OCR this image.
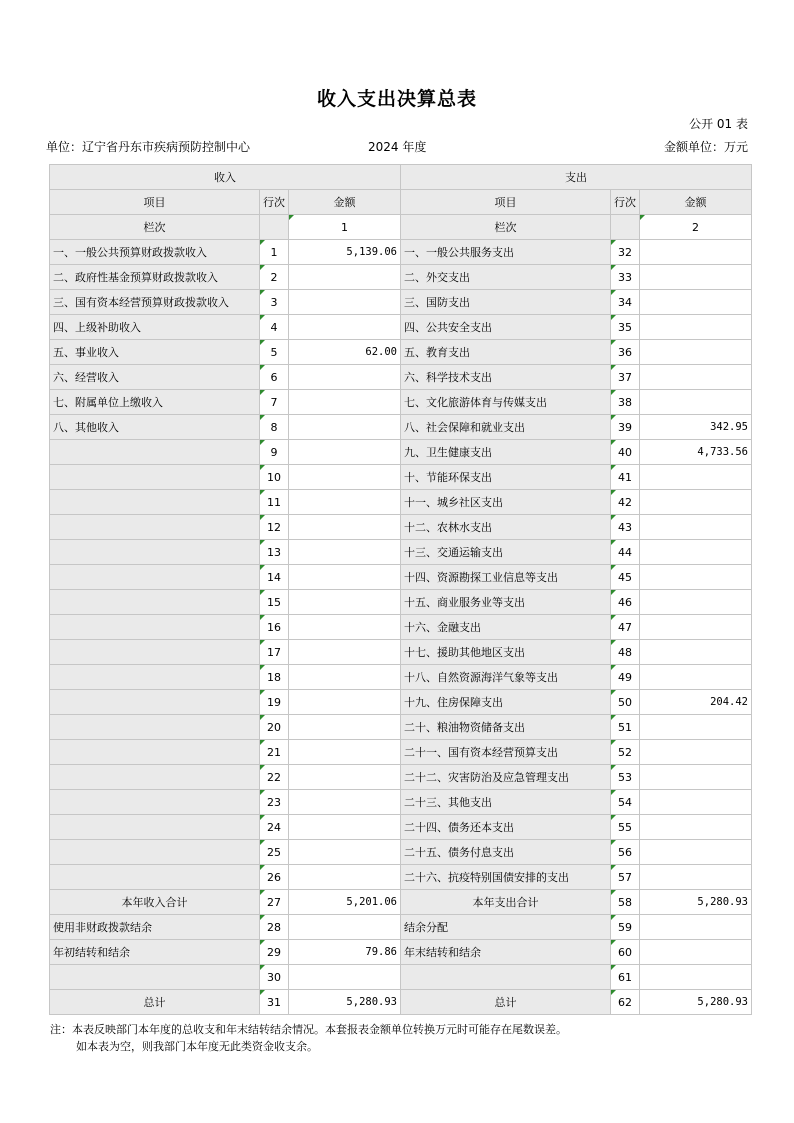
收入支出决算总表
公开 01 表
单位：辽宁省丹东市疾病预防控制中心	2024 年度	金额单位：万元
收入			支出		
项目	行次	金额	项目	行次	金额
栏次		1	栏次		2
一、一般公共预算财政拨款收入	1	5,139.06	一、一般公共服务支出	32	
二、政府性基金预算财政拨款收入	2		二、外交支出	33	
三、国有资本经营预算财政拨款收入	3		三、国防支出	34	
四、上级补助收入	4		四、公共安全支出	35	
五、事业收入	5	62.00	五、教育支出	36	
六、经营收入	6		六、科学技术支出	37	
七、附属单位上缴收入	7		七、文化旅游体育与传媒支出	38	
八、其他收入	8		八、社会保障和就业支出	39	342.95
	9		九、卫生健康支出	40	4,733.56
	10		十、节能环保支出	41	
	11		十一、城乡社区支出	42	
	12		十二、农林水支出	43	
	13		十三、交通运输支出	44	
	14		十四、资源勘探工业信息等支出	45	
	15		十五、商业服务业等支出	46	
	16		十六、金融支出	47	
	17		十七、援助其他地区支出	48	
	18		十八、自然资源海洋气象等支出	49	
	19		十九、住房保障支出	50	204.42
	20		二十、粮油物资储备支出	51	
	21		二十一、国有资本经营预算支出	52	
	22		二十二、灾害防治及应急管理支出	53	
	23		二十三、其他支出	54	
	24		二十四、债务还本支出	55	
	25		二十五、债务付息支出	56	
	26		二十六、抗疫特别国债安排的支出	57	
本年收入合计	27	5,201.06	本年支出合计	58	5,280.93
使用非财政拨款结余	28		结余分配	59	
年初结转和结余	29	79.86	年末结转和结余	60	
	30			61	
总计	31	5,280.93	总计	62	5,280.93
注：本表反映部门本年度的总收支和年末结转结余情况。本套报表金额单位转换万元时可能存在尾数误差。
如本表为空，则我部门本年度无此类资金收支余。
